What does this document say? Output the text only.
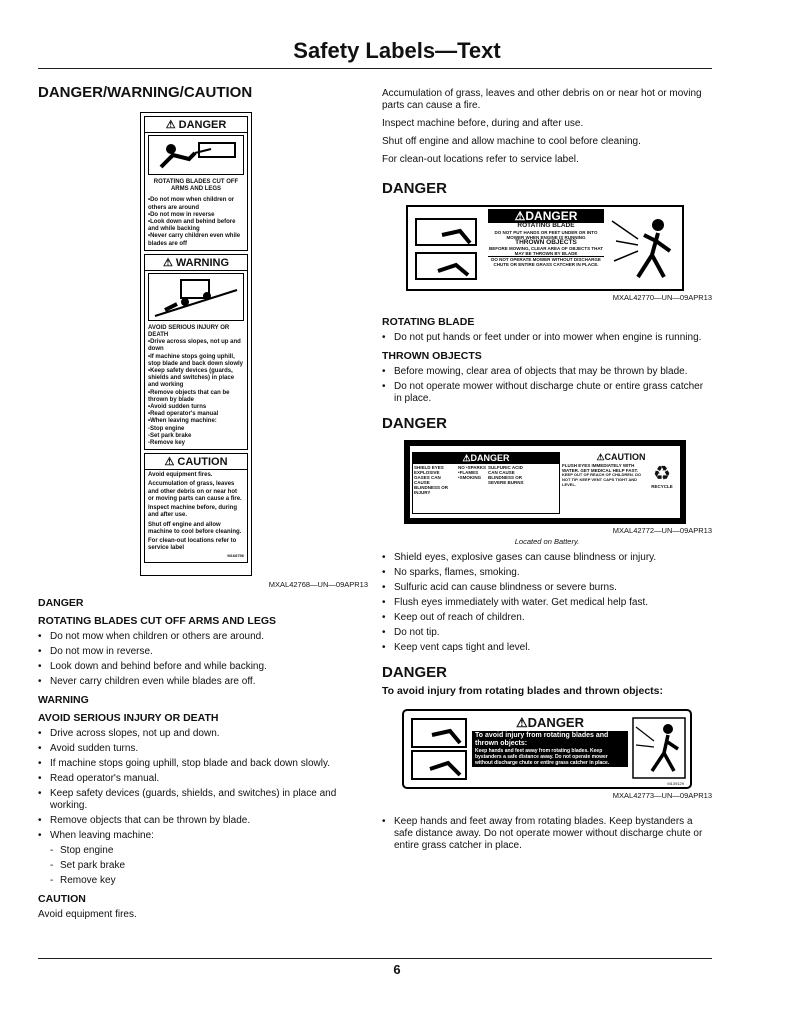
Safety Labels—Text
DANGER/WARNING/CAUTION
⚠ DANGER
ROTATING BLADES CUT OFF ARMS AND LEGS
•Do not mow when children or others are around
•Do not mow in reverse
•Look down and behind before and while backing
•Never carry children even while blades are off
⚠ WARNING
AVOID SERIOUS INJURY OR DEATH
•Drive across slopes, not up and down
•If machine stops going uphill, stop blade and back down slowly
•Keep safety devices (guards, shields and switches) in place and working
•Remove objects that can be thrown by blade
•Avoid sudden turns
•Read operator's manual
•When leaving machine:
-Stop engine
-Set park brake
-Remove key
⚠ CAUTION
Avoid equipment fires.
Accumulation of grass, leaves and other debris on or near hot or moving parts can cause a fire.
Inspect machine before, during and after use.
Shut off engine and allow machine to cool before cleaning.
For clean-out locations refer to service label
M168756
MXAL42768—UN—09APR13
DANGER
ROTATING BLADES CUT OFF ARMS AND LEGS
• Do not mow when children or others are around.
• Do not mow in reverse.
• Look down and behind before and while backing.
• Never carry children even while blades are off.
WARNING
AVOID SERIOUS INJURY OR DEATH
• Drive across slopes, not up and down.
• Avoid sudden turns.
• If machine stops going uphill, stop blade and back down slowly.
• Read operator's manual.
• Keep safety devices (guards, shields, and switches) in place and working.
• Remove objects that can be thrown by blade.
• When leaving machine:
- Stop engine
- Set park brake
- Remove key
CAUTION

Avoid equipment fires.

Accumulation of grass, leaves and other debris on or near hot or moving parts can cause a fire.

Inspect machine before, during and after use.

Shut off engine and allow machine to cool before cleaning.

For clean-out locations refer to service label.

DANGER
⚠DANGER
ROTATING BLADE
DO NOT PUT HANDS OR FEET UNDER OR INTO MOWER WHEN ENGINE IS RUNNING
THROWN OBJECTS
BEFORE MOWING, CLEAR AREA OF OBJECTS THAT MAY BE THROWN BY BLADE
DO NOT OPERATE MOWER WITHOUT DISCHARGE CHUTE OR ENTIRE GRASS CATCHER IN PLACE.
MXAL42770—UN—09APR13
ROTATING BLADE
• Do not put hands or feet under or into mower when engine is running.
THROWN OBJECTS
• Before mowing, clear area of objects that may be thrown by blade.
• Do not operate mower without discharge chute or entire grass catcher in place.
DANGER
⚠DANGER
SHIELD EYES EXPLOSIVE GASES CAN CAUSE BLINDNESS OR INJURY
NO •SPARKS •FLAMES •SMOKING
SULFURIC ACID CAN CAUSE BLINDNESS OR SEVERE BURNS
⚠CAUTION
FLUSH EYES IMMEDIATELY WITH WATER. GET MEDICAL HELP FAST.
KEEP OUT OF REACH OF CHILDREN. DO NOT TIP. KEEP VENT CAPS TIGHT AND LEVEL.	♻
RECYCLE
MXAL42772—UN—09APR13
Located on Battery.
• Shield eyes, explosive gases can cause blindness or injury.
• No sparks, flames, smoking.
• Sulfuric acid can cause blindness or severe burns.
• Flush eyes immediately with water. Get medical help fast.
• Keep out of reach of children.
• Do not tip.
• Keep vent caps tight and level.
DANGER
To avoid injury from rotating blades and thrown objects:
⚠DANGER
To avoid injury from rotating blades and thrown objects:
Keep hands and feet away from rotating blades. Keep bystanders a safe distance away. Do not operate mower without discharge chute or entire grass catcher in place.
M139129
MXAL42773—UN—09APR13
• Keep hands and feet away from rotating blades. Keep bystanders a safe distance away. Do not operate mower without discharge chute or entire grass catcher in place.
6
